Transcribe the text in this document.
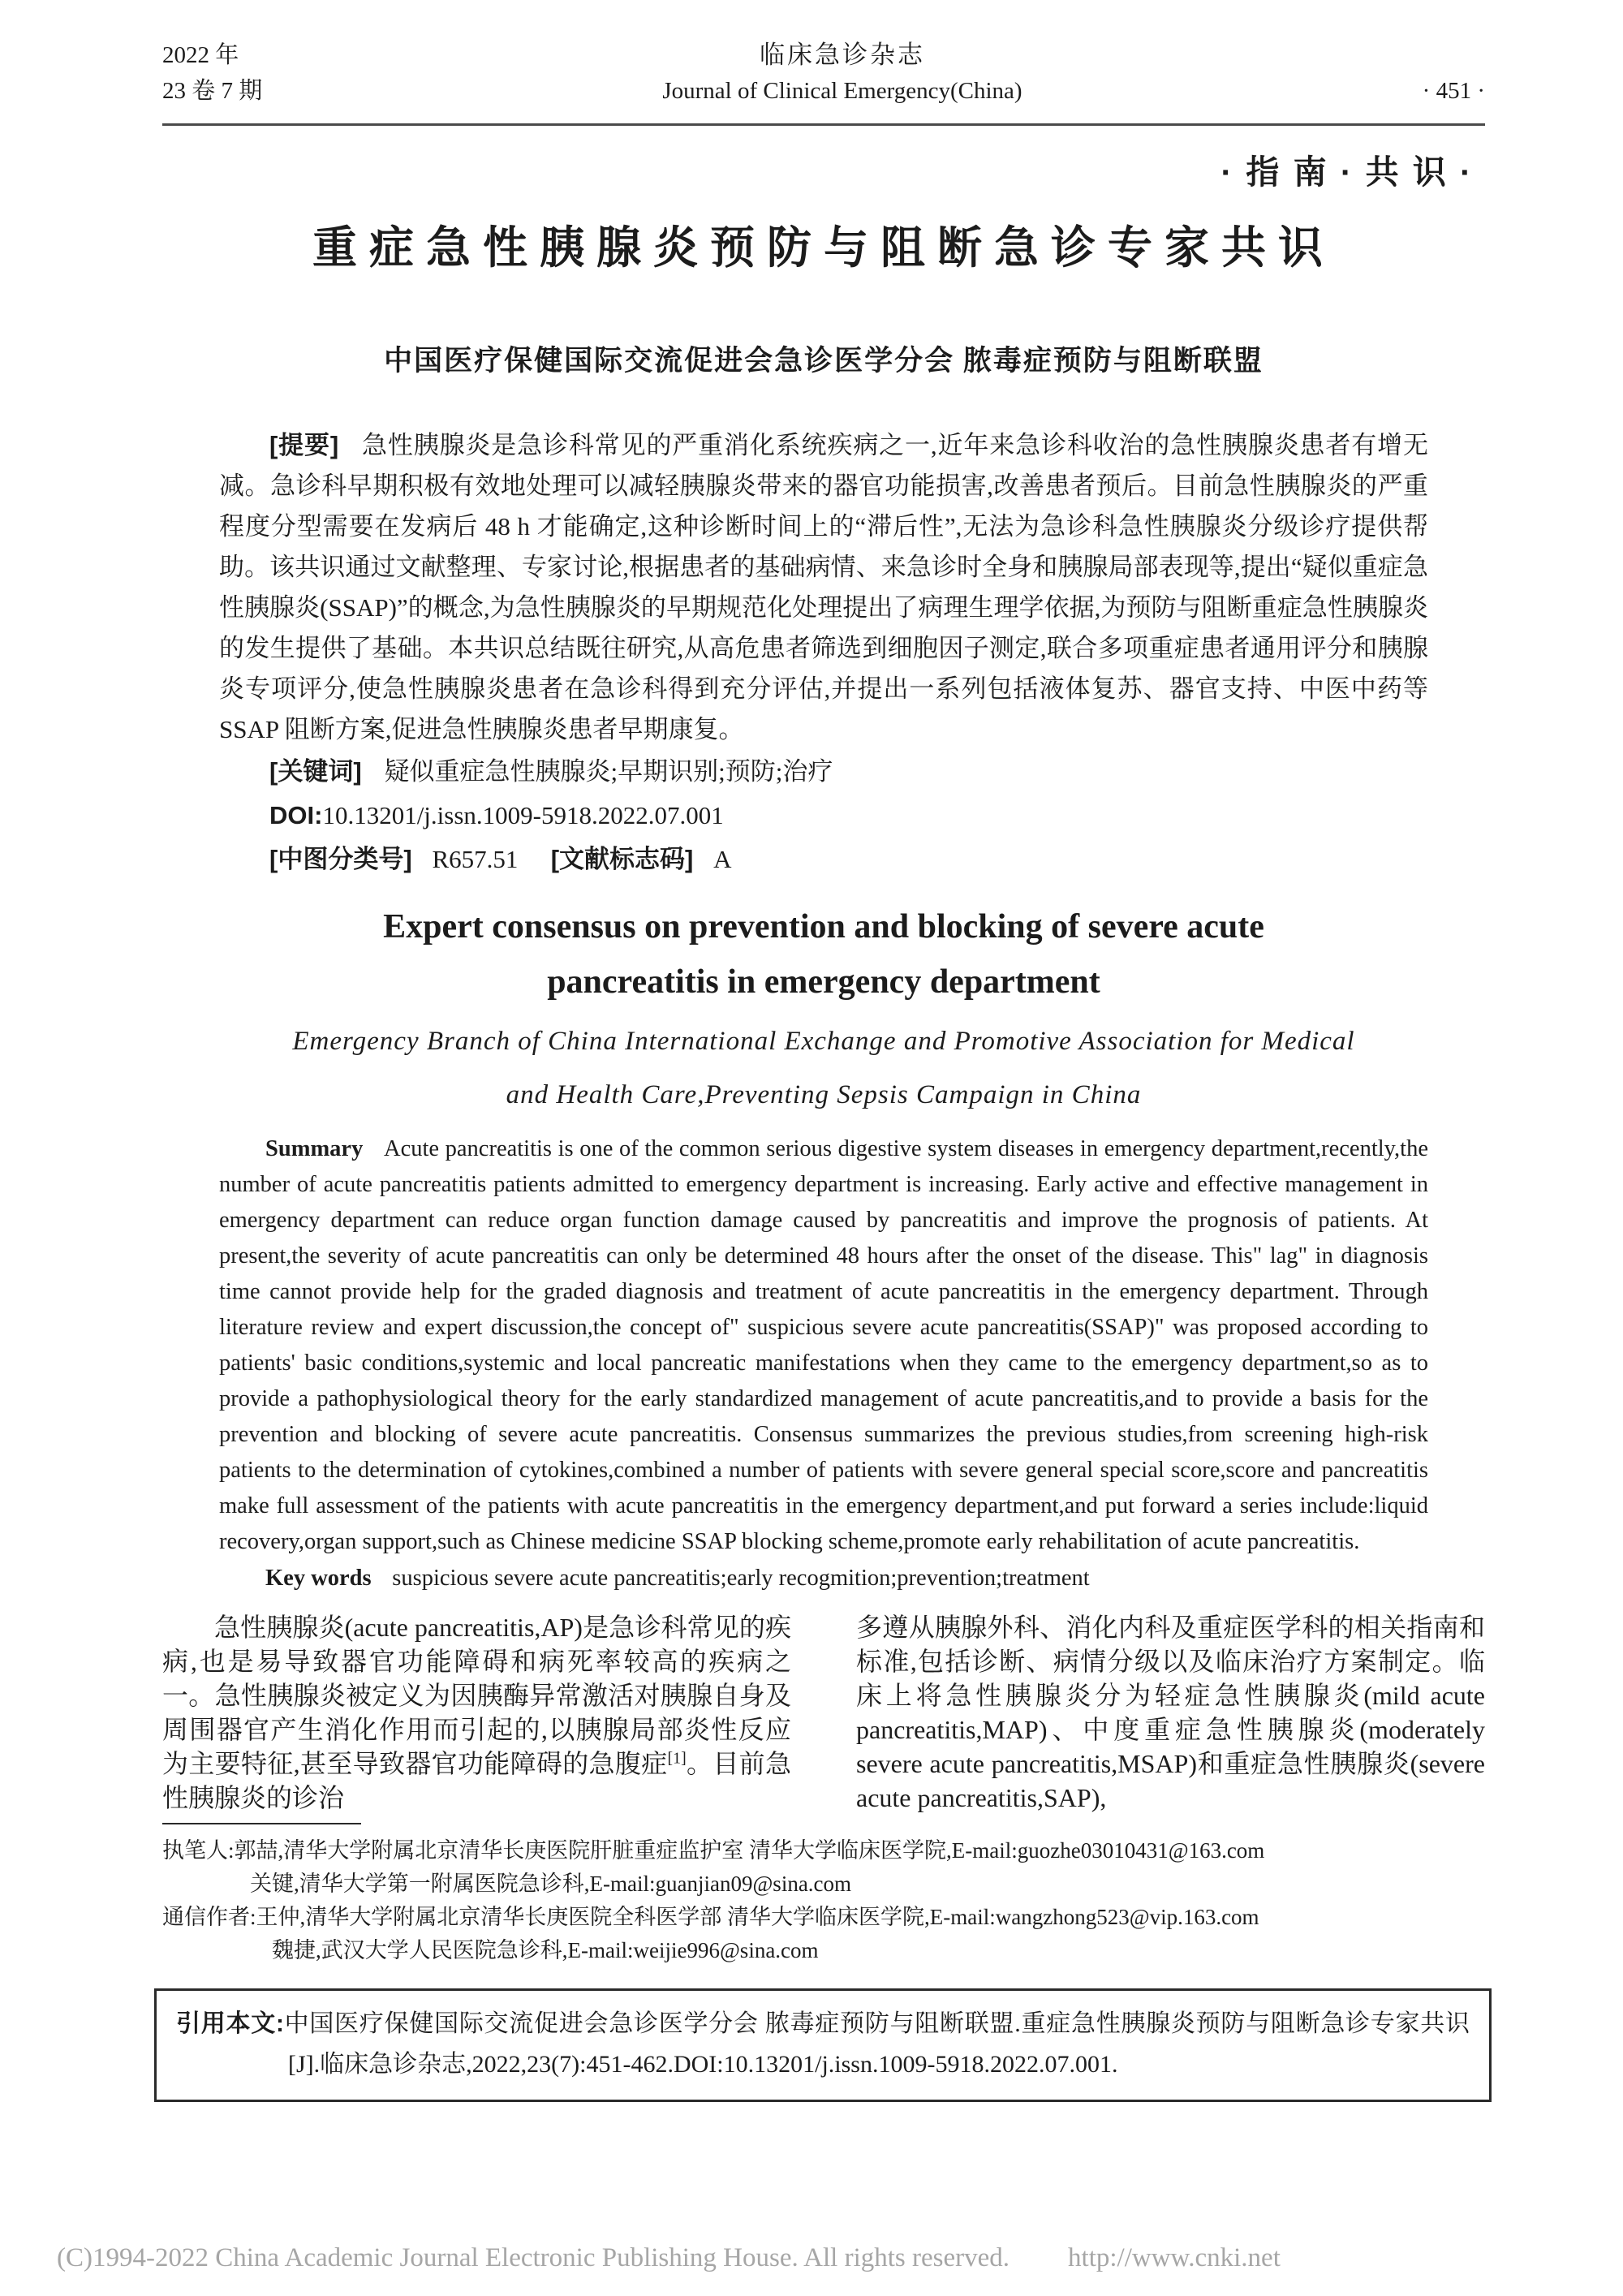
2022 年
23 卷 7 期
临床急诊杂志
Journal of Clinical Emergency(China)	· 451 ·
·指南·共识·
重症急性胰腺炎预防与阻断急诊专家共识
中国医疗保健国际交流促进会急诊医学分会 脓毒症预防与阻断联盟

[提要] 急性胰腺炎是急诊科常见的严重消化系统疾病之一,近年来急诊科收治的急性胰腺炎患者有增无减。急诊科早期积极有效地处理可以减轻胰腺炎带来的器官功能损害,改善患者预后。目前急性胰腺炎的严重程度分型需要在发病后 48 h 才能确定,这种诊断时间上的“滞后性”,无法为急诊科急性胰腺炎分级诊疗提供帮助。该共识通过文献整理、专家讨论,根据患者的基础病情、来急诊时全身和胰腺局部表现等,提出“疑似重症急性胰腺炎(SSAP)”的概念,为急性胰腺炎的早期规范化处理提出了病理生理学依据,为预防与阻断重症急性胰腺炎的发生提供了基础。本共识总结既往研究,从高危患者筛选到细胞因子测定,联合多项重症患者通用评分和胰腺炎专项评分,使急性胰腺炎患者在急诊科得到充分评估,并提出一系列包括液体复苏、器官支持、中医中药等 SSAP 阻断方案,促进急性胰腺炎患者早期康复。

[关键词] 疑似重症急性胰腺炎;早期识别;预防;治疗

DOI:10.13201/j.issn.1009-5918.2022.07.001

[中图分类号] R657.51 [文献标志码] A

Expert consensus on prevention and blocking of severe acute
pancreatitis in emergency department
Emergency Branch of China International Exchange and Promotive Association for Medical
and Health Care,Preventing Sepsis Campaign in China

Summary Acute pancreatitis is one of the common serious digestive system diseases in emergency department,recently,the number of acute pancreatitis patients admitted to emergency department is increasing. Early active and effective management in emergency department can reduce organ function damage caused by pancreatitis and improve the prognosis of patients. At present,the severity of acute pancreatitis can only be determined 48 hours after the onset of the disease. This" lag" in diagnosis time cannot provide help for the graded diagnosis and treatment of acute pancreatitis in the emergency department. Through literature review and expert discussion,the concept of" suspicious severe acute pancreatitis(SSAP)" was proposed according to patients' basic conditions,systemic and local pancreatic manifestations when they came to the emergency department,so as to provide a pathophysiological theory for the early standardized management of acute pancreatitis,and to provide a basis for the prevention and blocking of severe acute pancreatitis. Consensus summarizes the previous studies,from screening high-risk patients to the determination of cytokines,combined a number of patients with severe general special score,score and pancreatitis make full assessment of the patients with acute pancreatitis in the emergency department,and put forward a series include:liquid recovery,organ support,such as Chinese medicine SSAP blocking scheme,promote early rehabilitation of acute pancreatitis.

Key words suspicious severe acute pancreatitis;early recogmition;prevention;treatment

急性胰腺炎(acute pancreatitis,AP)是急诊科常见的疾病,也是易导致器官功能障碍和病死率较高的疾病之一。急性胰腺炎被定义为因胰酶异常激活对胰腺自身及周围器官产生消化作用而引起的,以胰腺局部炎性反应为主要特征,甚至导致器官功能障碍的急腹症[1]。目前急性胰腺炎的诊治

多遵从胰腺外科、消化内科及重症医学科的相关指南和标准,包括诊断、病情分级以及临床治疗方案制定。临床上将急性胰腺炎分为轻症急性胰腺炎(mild acute pancreatitis,MAP)、中度重症急性胰腺炎(moderately severe acute pancreatitis,MSAP)和重症急性胰腺炎(severe acute pancreatitis,SAP),

执笔人:郭喆,清华大学附属北京清华长庚医院肝脏重症监护室 清华大学临床医学院,E-mail:guozhe03010431@163.com
关键,清华大学第一附属医院急诊科,E-mail:guanjian09@sina.com

通信作者:王仲,清华大学附属北京清华长庚医院全科医学部 清华大学临床医学院,E-mail:wangzhong523@vip.163.com
魏捷,武汉大学人民医院急诊科,E-mail:weijie996@sina.com

引用本文:中国医疗保健国际交流促进会急诊医学分会 脓毒症预防与阻断联盟.重症急性胰腺炎预防与阻断急诊专家共识[J].临床急诊杂志,2022,23(7):451-462.DOI:10.13201/j.issn.1009-5918.2022.07.001.

(C)1994-2022 China Academic Journal Electronic Publishing House. All rights reserved. http://www.cnki.net
